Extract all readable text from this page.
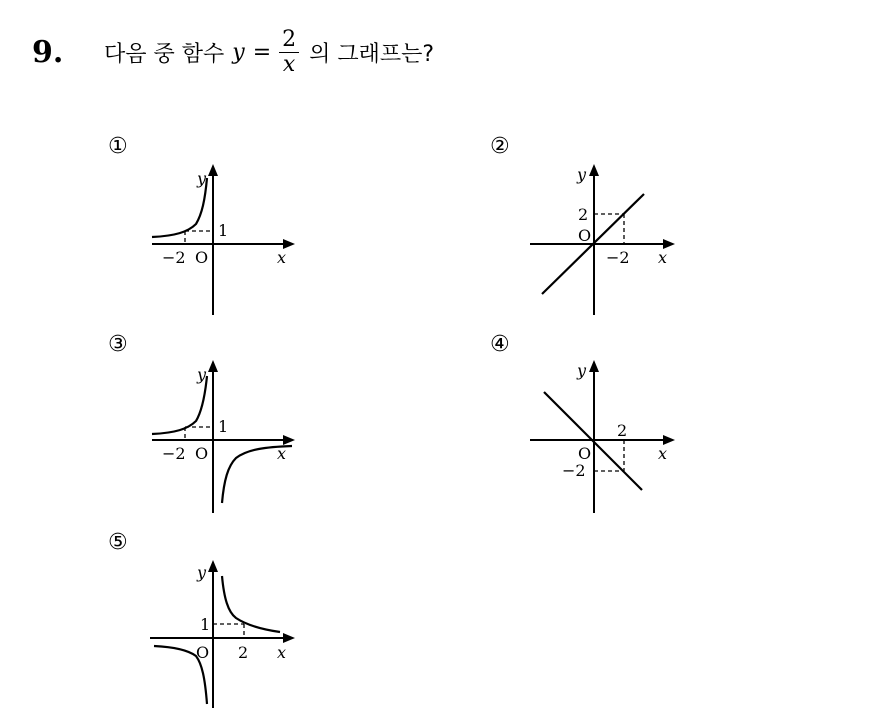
9.	다음 중 함수 $y = \frac{2}{x}$ 의 그래프는?
①
−2
1
O	x
y
②
2
−2
O
x
y
③
−2
1
O	x
y
④
2
−2
O	x
y
⑤
1
2
O	x
y
